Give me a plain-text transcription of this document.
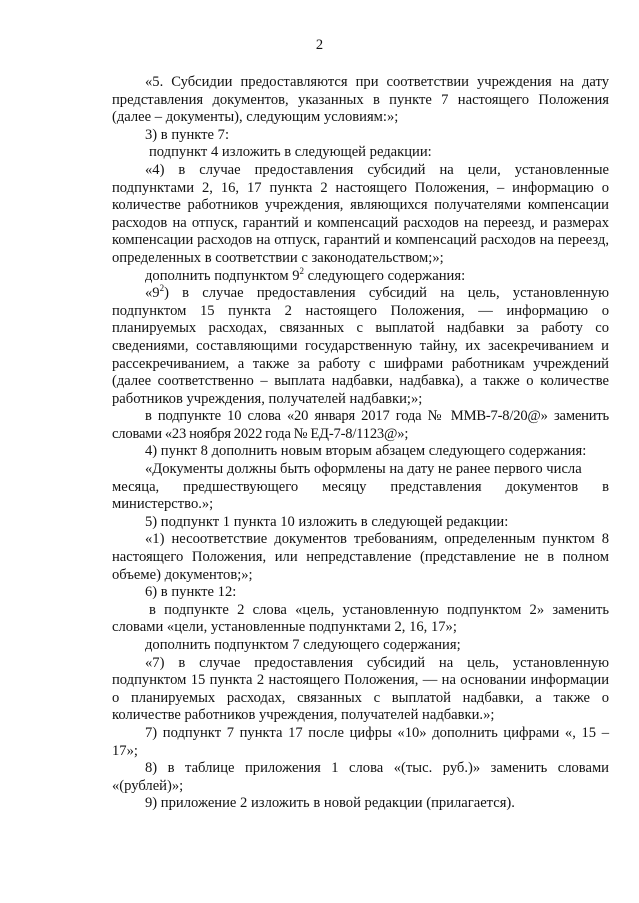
2

«5. Субсидии предоставляются при соответствии учреждения на дату представления документов, указанных в пункте 7 настоящего Положения (далее – документы), следующим условиям:»;

3) в пункте 7:

подпункт 4 изложить в следующей редакции:

«4) в случае предоставления субсидий на цели, установленные подпунктами 2, 16, 17 пункта 2 настоящего Положения, – информацию о количестве работников учреждения, являющихся получателями компенсации расходов на отпуск, гарантий и компенсаций расходов на переезд, и размерах компенсации расходов на отпуск, гарантий и компенсаций расходов на переезд, определенных в соответствии с законодательством;»;

дополнить подпунктом $9^2$ следующего содержания:

«$9^2$) в случае предоставления субсидий на цель, установленную подпунктом 15 пункта 2 настоящего Положения, — информацию о планируемых расходах, связанных с выплатой надбавки за работу со сведениями, составляющими государственную тайну, их засекречиванием и рассекречиванием, а также за работу с шифрами работникам учреждений (далее соответственно – выплата надбавки, надбавка), а также о количестве работников учреждения, получателей надбавки;»;

в подпункте 10 слова «20 января 2017 года № ММВ-7-8/20@» заменить словами «23 ноября 2022 года № ЕД-7-8/1123@»;

4) пункт 8 дополнить новым вторым абзацем следующего содержания:

«Документы должны быть оформлены на дату не ранее первого числа

месяца, предшествующего месяцу представления документов в

министерство.»;

5) подпункт 1 пункта 10 изложить в следующей редакции:

«1) несоответствие документов требованиям, определенным пунктом 8 настоящего Положения, или непредставление (представление не в полном объеме) документов;»;

6) в пункте 12:

в подпункте 2 слова «цель, установленную подпунктом 2» заменить словами «цели, установленные подпунктами 2, 16, 17»;

дополнить подпунктом 7 следующего содержания;

«7) в случае предоставления субсидий на цель, установленную подпунктом 15 пункта 2 настоящего Положения, — на основании информации о планируемых расходах, связанных с выплатой надбавки, а также о количестве работников учреждения, получателей надбавки.»;

7) подпункт 7 пункта 17 после цифры «10» дополнить цифрами «, 15 – 17»;

8) в таблице приложения 1 слова «(тыс. руб.)» заменить словами «(рублей)»;

9) приложение 2 изложить в новой редакции (прилагается).
